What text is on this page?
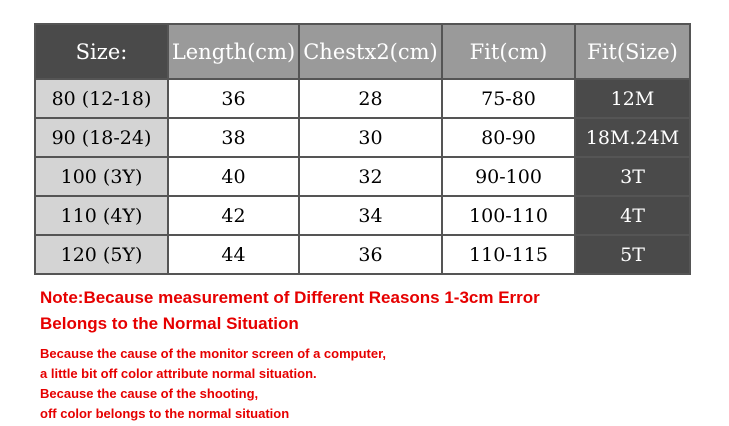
Size:	Length(cm)	Chestx2(cm)	Fit(cm)	Fit(Size)
80 (12-18)	36	28	75-80	12M
90 (18-24)	38	30	80-90	18M.24M
100 (3Y)	40	32	90-100	3T
110 (4Y)	42	34	100-110	4T
120 (5Y)	44	36	110-115	5T
Note:Because measurement of Different Reasons 1-3cm Error
Belongs to the Normal Situation
Because the cause of the monitor screen of a computer,
a little bit off color attribute normal situation.
Because the cause of the shooting,
off color belongs to the normal situation
